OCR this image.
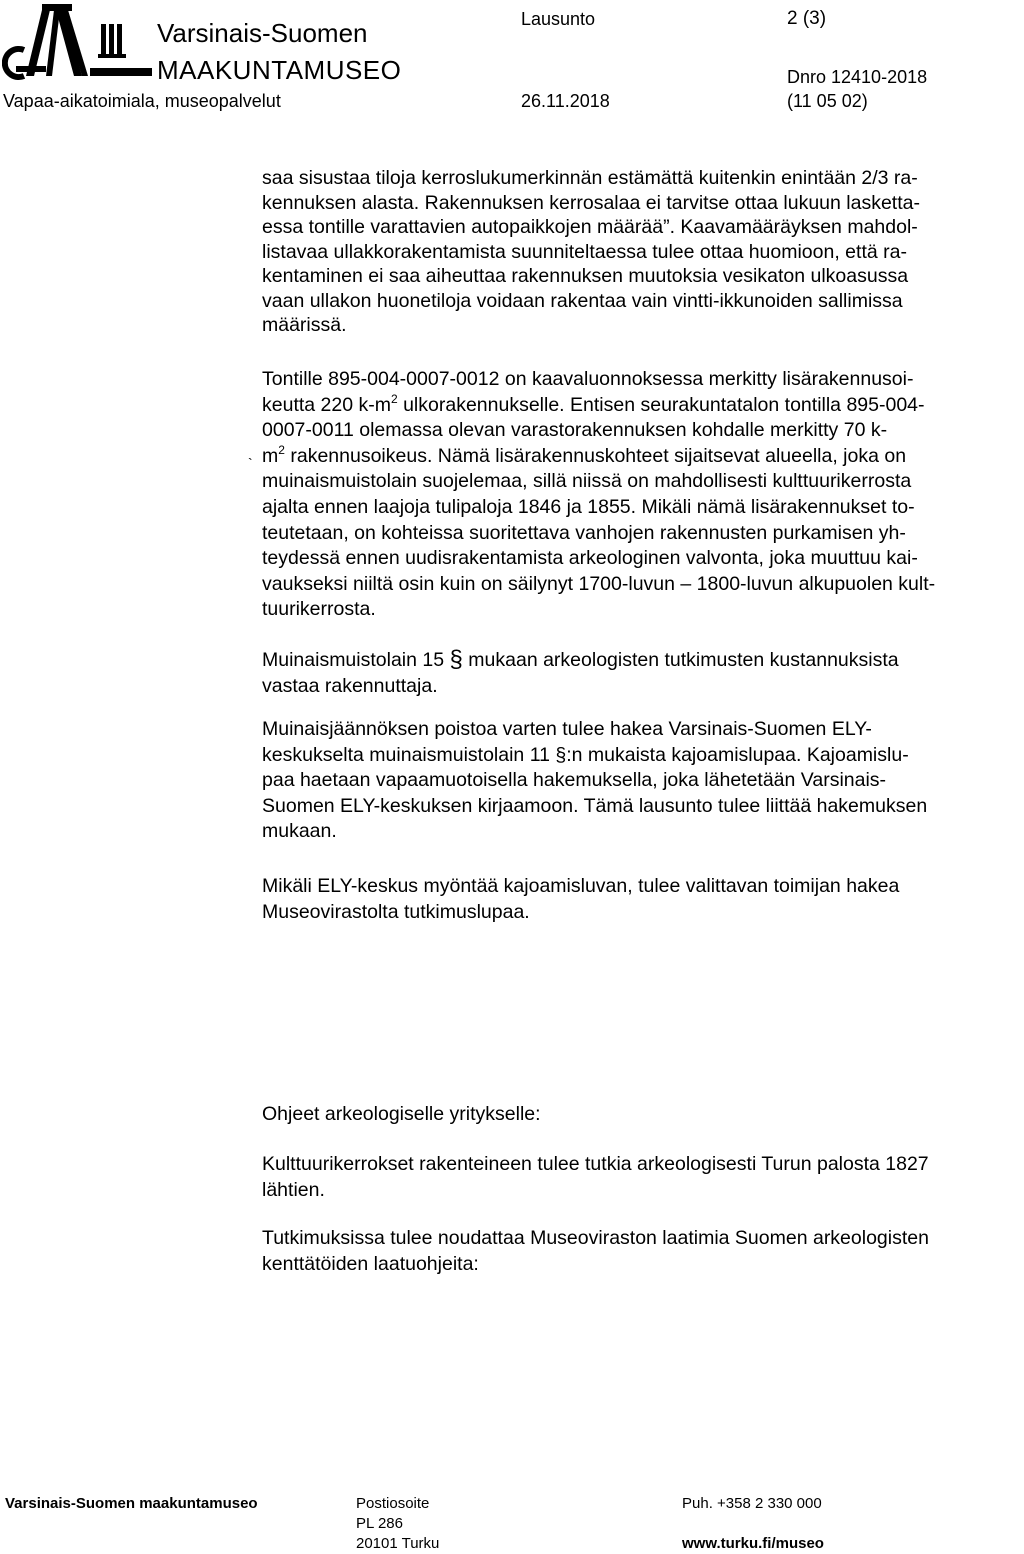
Varsinais-Suomen
MAAKUNTAMUSEO
Vapaa-aikatoimiala, museopalvelut
Lausunto
26.11.2018
2 (3)
Dnro 12410-2018
(11 05 02)
saa sisustaa tiloja kerroslukumerkinnän estämättä kuitenkin enintään 2/3 ra-
kennuksen alasta. Rakennuksen kerrosalaa ei tarvitse ottaa lukuun lasketta-
essa tontille varattavien autopaikkojen määrää”. Kaavamääräyksen mahdol-
listavaa ullakkorakentamista suunniteltaessa tulee ottaa huomioon, että ra-
kentaminen ei saa aiheuttaa rakennuksen muutoksia vesikaton ulkoasussa
vaan ullakon huonetiloja voidaan rakentaa vain vintti-ikkunoiden sallimissa
määrissä.
Tontille 895-004-0007-0012 on kaavaluonnoksessa merkitty lisärakennusoi-
keutta 220 $k-m^2$ ulkorakennukselle. Entisen seurakuntatalon tontilla 895-004-
0007-0011 olemassa olevan varastorakennuksen kohdalle merkitty 70 k-
$m^2$ rakennusoikeus. Nämä lisärakennuskohteet sijaitsevat alueella, joka on
muinaismuistolain suojelemaa, sillä niissä on mahdollisesti kulttuurikerrosta
ajalta ennen laajoja tulipaloja 1846 ja 1855. Mikäli nämä lisärakennukset to-
teutetaan, on kohteissa suoritettava vanhojen rakennusten purkamisen yh-
teydessä ennen uudisrakentamista arkeologinen valvonta, joka muuttuu kai-
vaukseksi niiltä osin kuin on säilynyt 1700-luvun – 1800-luvun alkupuolen kult-
tuurikerrosta.
`
Muinaismuistolain 15 § mukaan arkeologisten tutkimusten kustannuksista
vastaa rakennuttaja.
Muinaisjäännöksen poistoa varten tulee hakea Varsinais-Suomen ELY-
keskukselta muinaismuistolain 11 §:n mukaista kajoamislupaa. Kajoamislu-
paa haetaan vapaamuotoisella hakemuksella, joka lähetetään Varsinais-
Suomen ELY-keskuksen kirjaamoon. Tämä lausunto tulee liittää hakemuksen
mukaan.
Mikäli ELY-keskus myöntää kajoamisluvan, tulee valittavan toimijan hakea
Museovirastolta tutkimuslupaa.
Ohjeet arkeologiselle yritykselle:
Kulttuurikerrokset rakenteineen tulee tutkia arkeologisesti Turun palosta 1827
lähtien.
Tutkimuksissa tulee noudattaa Museoviraston laatimia Suomen arkeologisten
kenttätöiden laatuohjeita:
Varsinais-Suomen maakuntamuseo	Postiosoite
PL 286
20101 Turku
Puh. +358 2 330 000
www.turku.fi/museo
